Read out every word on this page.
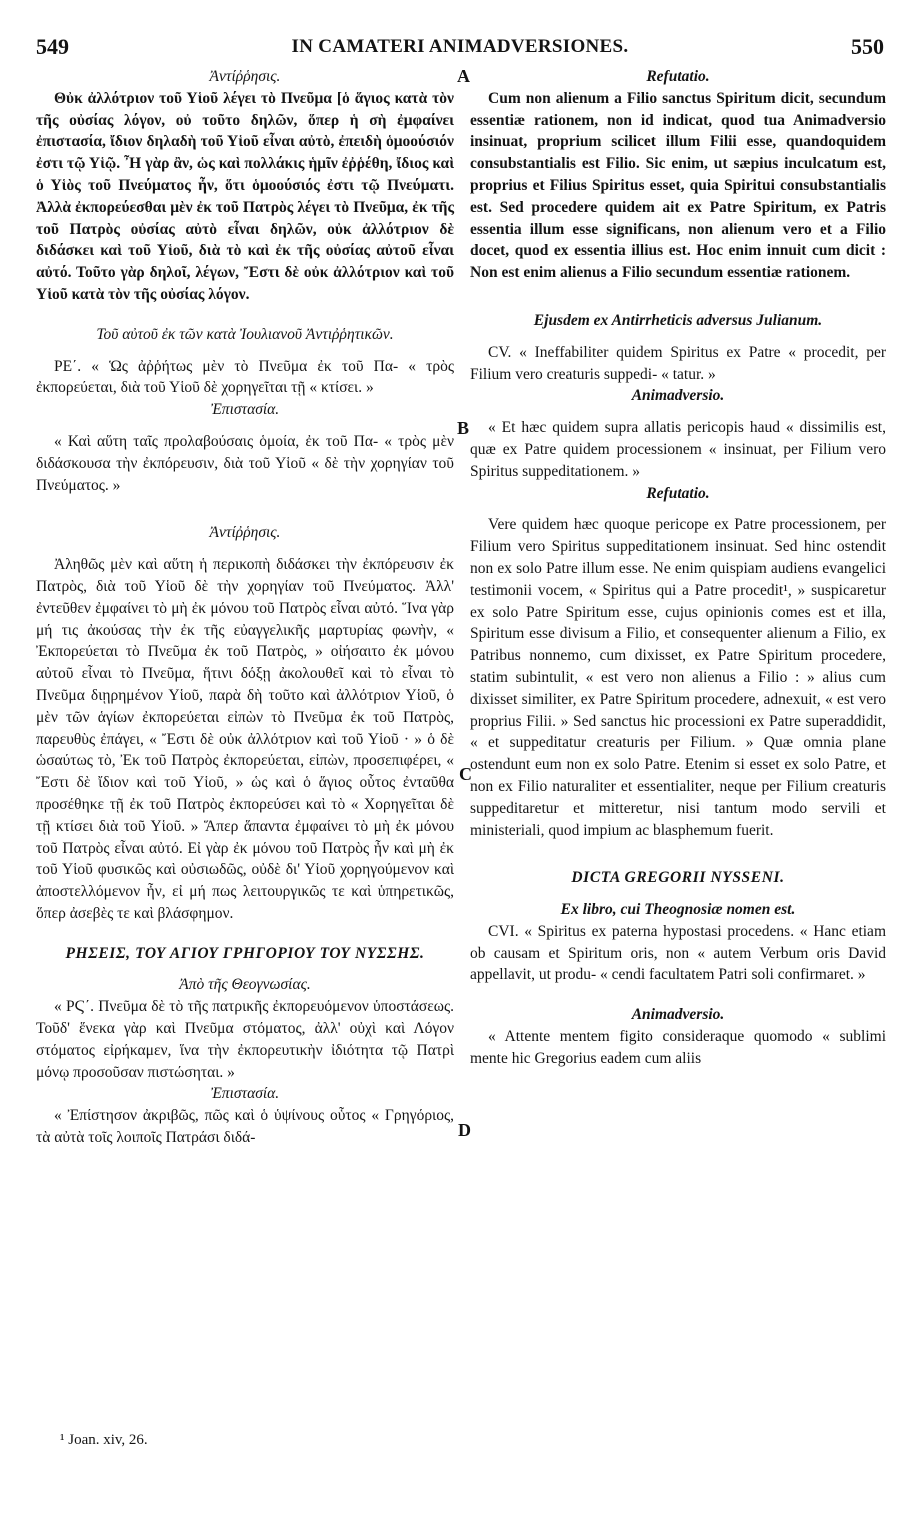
549	IN CAMATERI ANIMADVERSIONES.	550
A
B
C
D
Ἀντίῤῥησις.

Θὐκ ἀλλότριον τοῦ Υἱοῦ λέγει τὸ Πνεῦμα [ὁ ἅγιος κατὰ τὸν τῆς οὐσίας λόγον, οὐ τοῦτο δηλῶν, ὅπερ ἡ σὴ ἐμφαίνει ἐπιστασία, ἴδιον δηλαδὴ τοῦ Υἱοῦ εἶναι αὐτὸ, ἐπειδὴ ὁμοούσιόν ἐστι τῷ Υἱῷ. Ἦ γὰρ ἂν, ὡς καὶ πολλάκις ἡμῖν ἐῤῥέθη, ἴδιος καὶ ὁ Υἱὸς τοῦ Πνεύματος ἦν, ὅτι ὁμοούσιός ἐστι τῷ Πνεύματι. Ἀλλὰ ἐκπορεύεσθαι μὲν ἐκ τοῦ Πατρὸς λέγει τὸ Πνεῦμα, ἐκ τῆς τοῦ Πατρὸς οὐσίας αὐτὸ εἶναι δηλῶν, οὐκ ἀλλότριον δὲ διδάσκει καὶ τοῦ Υἱοῦ, διὰ τὸ καὶ ἐκ τῆς οὐσίας αὐτοῦ εἶναι αὐτό. Τοῦτο γὰρ δηλοῖ, λέγων, Ἔστι δὲ οὐκ ἀλλότριον καὶ τοῦ Υἱοῦ κατὰ τὸν τῆς οὐσίας λόγον.

Τοῦ αὐτοῦ ἐκ τῶν κατὰ Ἰουλιανοῦ Ἀντιῤῥητικῶν.

ΡΕ΄. « Ὡς ἀῤῥήτως μὲν τὸ Πνεῦμα ἐκ τοῦ Πα- « τρὸς ἐκπορεύεται, διὰ τοῦ Υἱοῦ δὲ χορηγεῖται τῇ « κτίσει. »

Ἐπιστασία.

« Καὶ αὕτη ταῖς προλαβούσαις ὁμοία, ἐκ τοῦ Πα- « τρὸς μὲν διδάσκουσα τὴν ἐκπόρευσιν, διὰ τοῦ Υἱοῦ « δὲ τὴν χορηγίαν τοῦ Πνεύματος. »

Ἀντίῤῥησις.

Ἀληθῶς μὲν καὶ αὕτη ἡ περικοπὴ διδάσκει τὴν ἐκπόρευσιν ἐκ Πατρὸς, διὰ τοῦ Υἱοῦ δὲ τὴν χορηγίαν τοῦ Πνεύματος. Ἀλλ' ἐντεῦθεν ἐμφαίνει τὸ μὴ ἐκ μόνου τοῦ Πατρὸς εἶναι αὐτό. Ἵνα γὰρ μή τις ἀκούσας τὴν ἐκ τῆς εὐαγγελικῆς μαρτυρίας φωνὴν, « Ἐκπορεύεται τὸ Πνεῦμα ἐκ τοῦ Πατρὸς, » οἰήσαιτο ἐκ μόνου αὐτοῦ εἶναι τὸ Πνεῦμα, ἥτινι δόξῃ ἀκολουθεῖ καὶ τὸ εἶναι τὸ Πνεῦμα διῃρημένον Υἱοῦ, παρὰ δὴ τοῦτο καὶ ἀλλότριον Υἱοῦ, ὁ μὲν τῶν ἁγίων ἐκπορεύεται εἰπὼν τὸ Πνεῦμα ἐκ τοῦ Πατρὸς, παρευθὺς ἐπάγει, « Ἔστι δὲ οὐκ ἀλλότριον καὶ τοῦ Υἱοῦ · » ὁ δὲ ὡσαύτως τὸ, Ἐκ τοῦ Πατρὸς ἐκπορεύεται, εἰπὼν, προσεπιφέρει, « Ἔστι δὲ ἴδιον καὶ τοῦ Υἱοῦ, » ὡς καὶ ὁ ἅγιος οὗτος ἐνταῦθα προσέθηκε τῇ ἐκ τοῦ Πατρὸς ἐκπορεύσει καὶ τὸ « Χορηγεῖται δὲ τῇ κτίσει διὰ τοῦ Υἱοῦ. » Ἅπερ ἅπαντα ἐμφαίνει τὸ μὴ ἐκ μόνου τοῦ Πατρὸς εἶναι αὐτό. Εἰ γὰρ ἐκ μόνου τοῦ Πατρὸς ἦν καὶ μὴ ἐκ τοῦ Υἱοῦ φυσικῶς καὶ οὐσιωδῶς, οὐδὲ δι' Υἱοῦ χορηγούμενον καὶ ἀποστελλόμενον ἦν, εἰ μή πως λειτουργικῶς τε καὶ ὑπηρετικῶς, ὅπερ ἀσεβὲς τε καὶ βλάσφημον.

ΡΗΣΕΙΣ, ΤΟΥ ΑΓΙΟΥ ΓΡΗΓΟΡΙΟΥ ΤΟΥ ΝΥΣΣΗΣ.
Ἀπὸ τῆς Θεογνωσίας.

« ΡϚ΄. Πνεῦμα δὲ τὸ τῆς πατρικῆς ἐκπορευόμενον ὑποστάσεως. Τοῦδ' ἕνεκα γὰρ καὶ Πνεῦμα στόματος, ἀλλ' οὐχὶ καὶ Λόγον στόματος εἰρήκαμεν, ἵνα τὴν ἐκπορευτικὴν ἰδιότητα τῷ Πατρὶ μόνῳ προσοῦσαν πιστώσηται. »

Ἐπιστασία.

« Ἐπίστησον ἀκριβῶς, πῶς καὶ ὁ ὑψίνους οὗτος « Γρηγόριος, τὰ αὐτὰ τοῖς λοιποῖς Πατράσι διδά-

Refutatio.

Cum non alienum a Filio sanctus Spiritum dicit, secundum essentiæ rationem, non id indicat, quod tua Animadversio insinuat, proprium scilicet illum Filii esse, quandoquidem consubstantialis est Filio. Sic enim, ut sæpius inculcatum est, proprius et Filius Spiritus esset, quia Spiritui consubstantialis est. Sed procedere quidem ait ex Patre Spiritum, ex Patris essentia illum esse significans, non alienum vero et a Filio docet, quod ex essentia illius est. Hoc enim innuit cum dicit : Non est enim alienus a Filio secundum essentiæ rationem.

Ejusdem ex Antirrheticis adversus Julianum.

CV. « Ineffabiliter quidem Spiritus ex Patre « procedit, per Filium vero creaturis suppedi- « tatur. »

Animadversio.

« Et hæc quidem supra allatis pericopis haud « dissimilis est, quæ ex Patre quidem processionem « insinuat, per Filium vero Spiritus suppeditationem. »

Refutatio.

Vere quidem hæc quoque pericope ex Patre processionem, per Filium vero Spiritus suppeditationem insinuat. Sed hinc ostendit non ex solo Patre illum esse. Ne enim quispiam audiens evangelici testimonii vocem, « Spiritus qui a Patre procedit¹, » suspicaretur ex solo Patre Spiritum esse, cujus opinionis comes est et illa, Spiritum esse divisum a Filio, et consequenter alienum a Filio, ex Patribus nonnemo, cum dixisset, ex Patre Spiritum procedere, statim subintulit, « est vero non alienus a Filio : » alius cum dixisset similiter, ex Patre Spiritum procedere, adnexuit, « est vero proprius Filii. » Sed sanctus hic processioni ex Patre superaddidit, « et suppeditatur creaturis per Filium. » Quæ omnia plane ostendunt eum non ex solo Patre. Etenim si esset ex solo Patre, et non ex Filio naturaliter et essentialiter, neque per Filium creaturis suppeditaretur et mitteretur, nisi tantum modo servili et ministeriali, quod impium ac blasphemum fuerit.

DICTA GREGORII NYSSENI.
Ex libro, cui Theognosiæ nomen est.

CVI. « Spiritus ex paterna hypostasi procedens. « Hanc etiam ob causam et Spiritum oris, non « autem Verbum oris David appellavit, ut produ- « cendi facultatem Patri soli confirmaret. »

Animadversio.

« Attente mentem figito consideraque quomodo « sublimi mente hic Gregorius eadem cum aliis

¹ Joan. xiv, 26.
